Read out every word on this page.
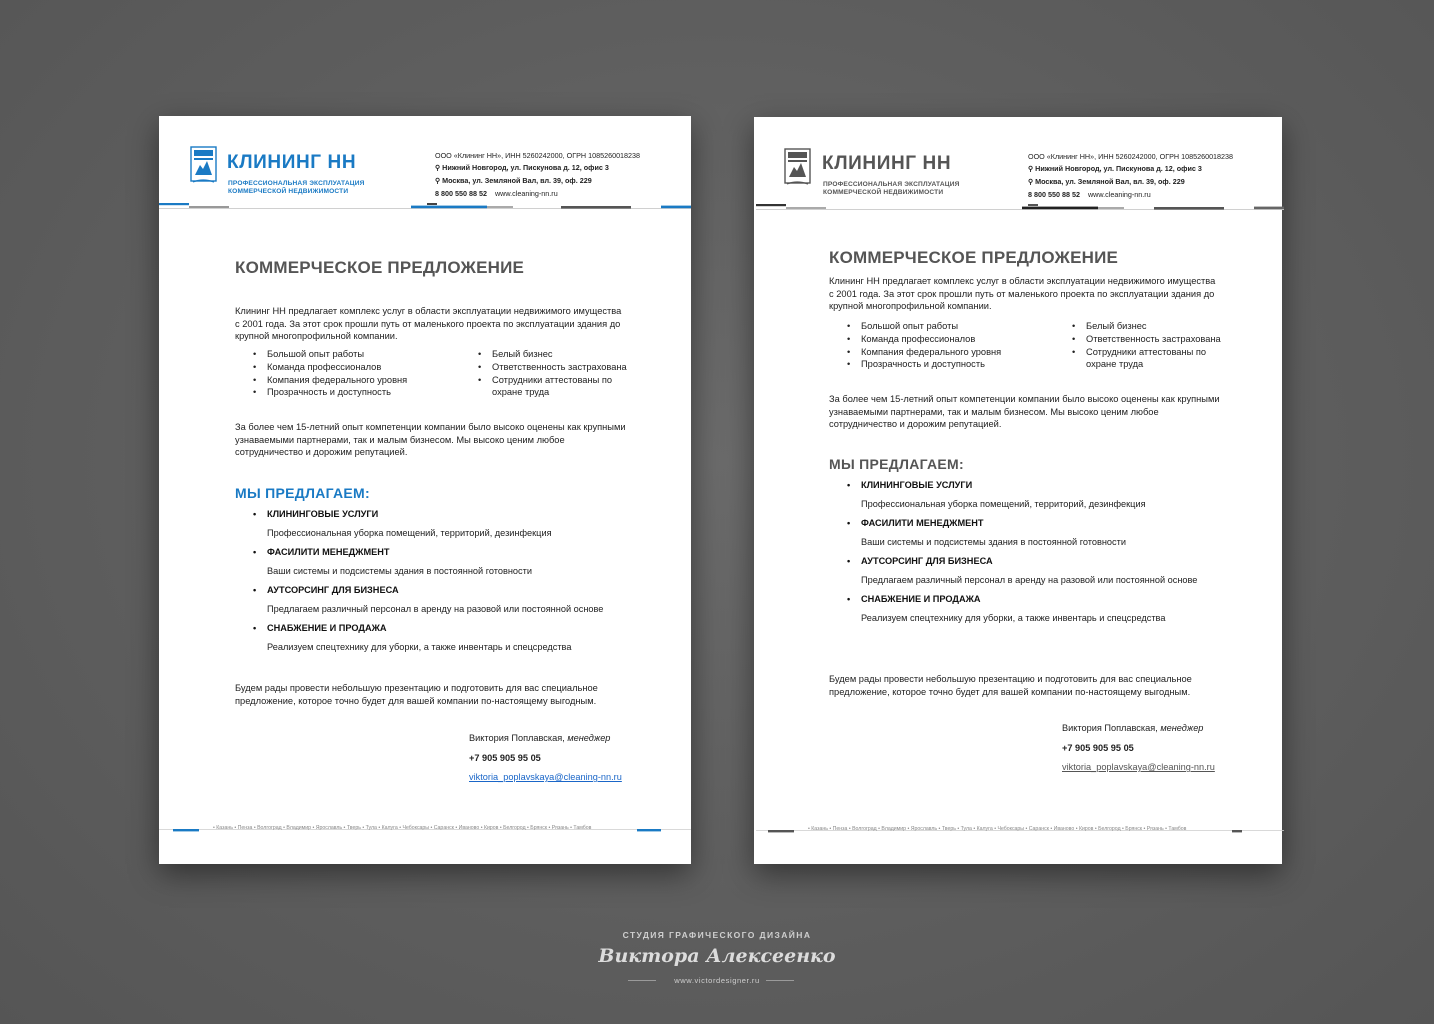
КЛИНИНГ НН
ПРОФЕССИОНАЛЬНАЯ ЭКСПЛУАТАЦИЯ
КОММЕРЧЕСКОЙ НЕДВИЖИМОСТИ
ООО «Клининг НН», ИНН 5260242000, ОГРН 1085260018238
⚲ Нижний Новгород, ул. Пискунова д. 12, офис 3
⚲ Москва, ул. Земляной Вал, вл. 39, оф. 229
8 800 550 88 52 www.cleaning-nn.ru
КОММЕРЧЕСКОЕ ПРЕДЛОЖЕНИЕ
Клининг НН предлагает комплекс услуг в области эксплуатации недвижимого имущества
с 2001 года. За этот срок прошли путь от маленького проекта по эксплуатации здания до
крупной многопрофильной компании.
• Большой опыт работы
• Команда профессионалов
• Компания федерального уровня
• Прозрачность и доступность
• Белый бизнес
• Ответственность застрахована
• Сотрудники аттестованы по
охране труда
За более чем 15-летний опыт компетенции компании было высоко оценены как крупными
узнаваемыми партнерами, так и малым бизнесом. Мы высоко ценим любое
сотрудничество и дорожим репутацией.
МЫ ПРЕДЛАГАЕМ:
• КЛИНИНГОВЫЕ УСЛУГИ
Профессиональная уборка помещений, территорий, дезинфекция
• ФАСИЛИТИ МЕНЕДЖМЕНТ
Ваши системы и подсистемы здания в постоянной готовности
• АУТСОРСИНГ ДЛЯ БИЗНЕСА
Предлагаем различный персонал в аренду на разовой или постоянной основе
• СНАБЖЕНИЕ И ПРОДАЖА
Реализуем спецтехнику для уборки, а также инвентарь и спецсредства
Будем рады провести небольшую презентацию и подготовить для вас специальное
предложение, которое точно будет для вашей компании по-настоящему выгодным.
Виктория Поплавская, менеджер
+7 905 905 95 05
viktoria_poplavskaya@cleaning-nn.ru
• Казань • Пенза • Волгоград • Владимир • Ярославль • Тверь • Тула • Калуга • Чебоксары • Саранск • Иваново • Киров • Белгород • Брянск • Рязань • Тамбов
КЛИНИНГ НН
ПРОФЕССИОНАЛЬНАЯ ЭКСПЛУАТАЦИЯ
КОММЕРЧЕСКОЙ НЕДВИЖИМОСТИ
ООО «Клининг НН», ИНН 5260242000, ОГРН 1085260018238
⚲ Нижний Новгород, ул. Пискунова д. 12, офис 3
⚲ Москва, ул. Земляной Вал, вл. 39, оф. 229
8 800 550 88 52 www.cleaning-nn.ru
КОММЕРЧЕСКОЕ ПРЕДЛОЖЕНИЕ
Клининг НН предлагает комплекс услуг в области эксплуатации недвижимого имущества
с 2001 года. За этот срок прошли путь от маленького проекта по эксплуатации здания до
крупной многопрофильной компании.
• Большой опыт работы
• Команда профессионалов
• Компания федерального уровня
• Прозрачность и доступность
• Белый бизнес
• Ответственность застрахована
• Сотрудники аттестованы по
охране труда
За более чем 15-летний опыт компетенции компании было высоко оценены как крупными
узнаваемыми партнерами, так и малым бизнесом. Мы высоко ценим любое
сотрудничество и дорожим репутацией.
МЫ ПРЕДЛАГАЕМ:
• КЛИНИНГОВЫЕ УСЛУГИ
Профессиональная уборка помещений, территорий, дезинфекция
• ФАСИЛИТИ МЕНЕДЖМЕНТ
Ваши системы и подсистемы здания в постоянной готовности
• АУТСОРСИНГ ДЛЯ БИЗНЕСА
Предлагаем различный персонал в аренду на разовой или постоянной основе
• СНАБЖЕНИЕ И ПРОДАЖА
Реализуем спецтехнику для уборки, а также инвентарь и спецсредства
Будем рады провести небольшую презентацию и подготовить для вас специальное
предложение, которое точно будет для вашей компании по-настоящему выгодным.
Виктория Поплавская, менеджер
+7 905 905 95 05
viktoria_poplavskaya@cleaning-nn.ru
• Казань • Пенза • Волгоград • Владимир • Ярославль • Тверь • Тула • Калуга • Чебоксары • Саранск • Иваново • Киров • Белгород • Брянск • Рязань • Тамбов
СТУДИЯ ГРАФИЧЕСКОГО ДИЗАЙНА
Виктора Алексеенко
www.victordesigner.ru
